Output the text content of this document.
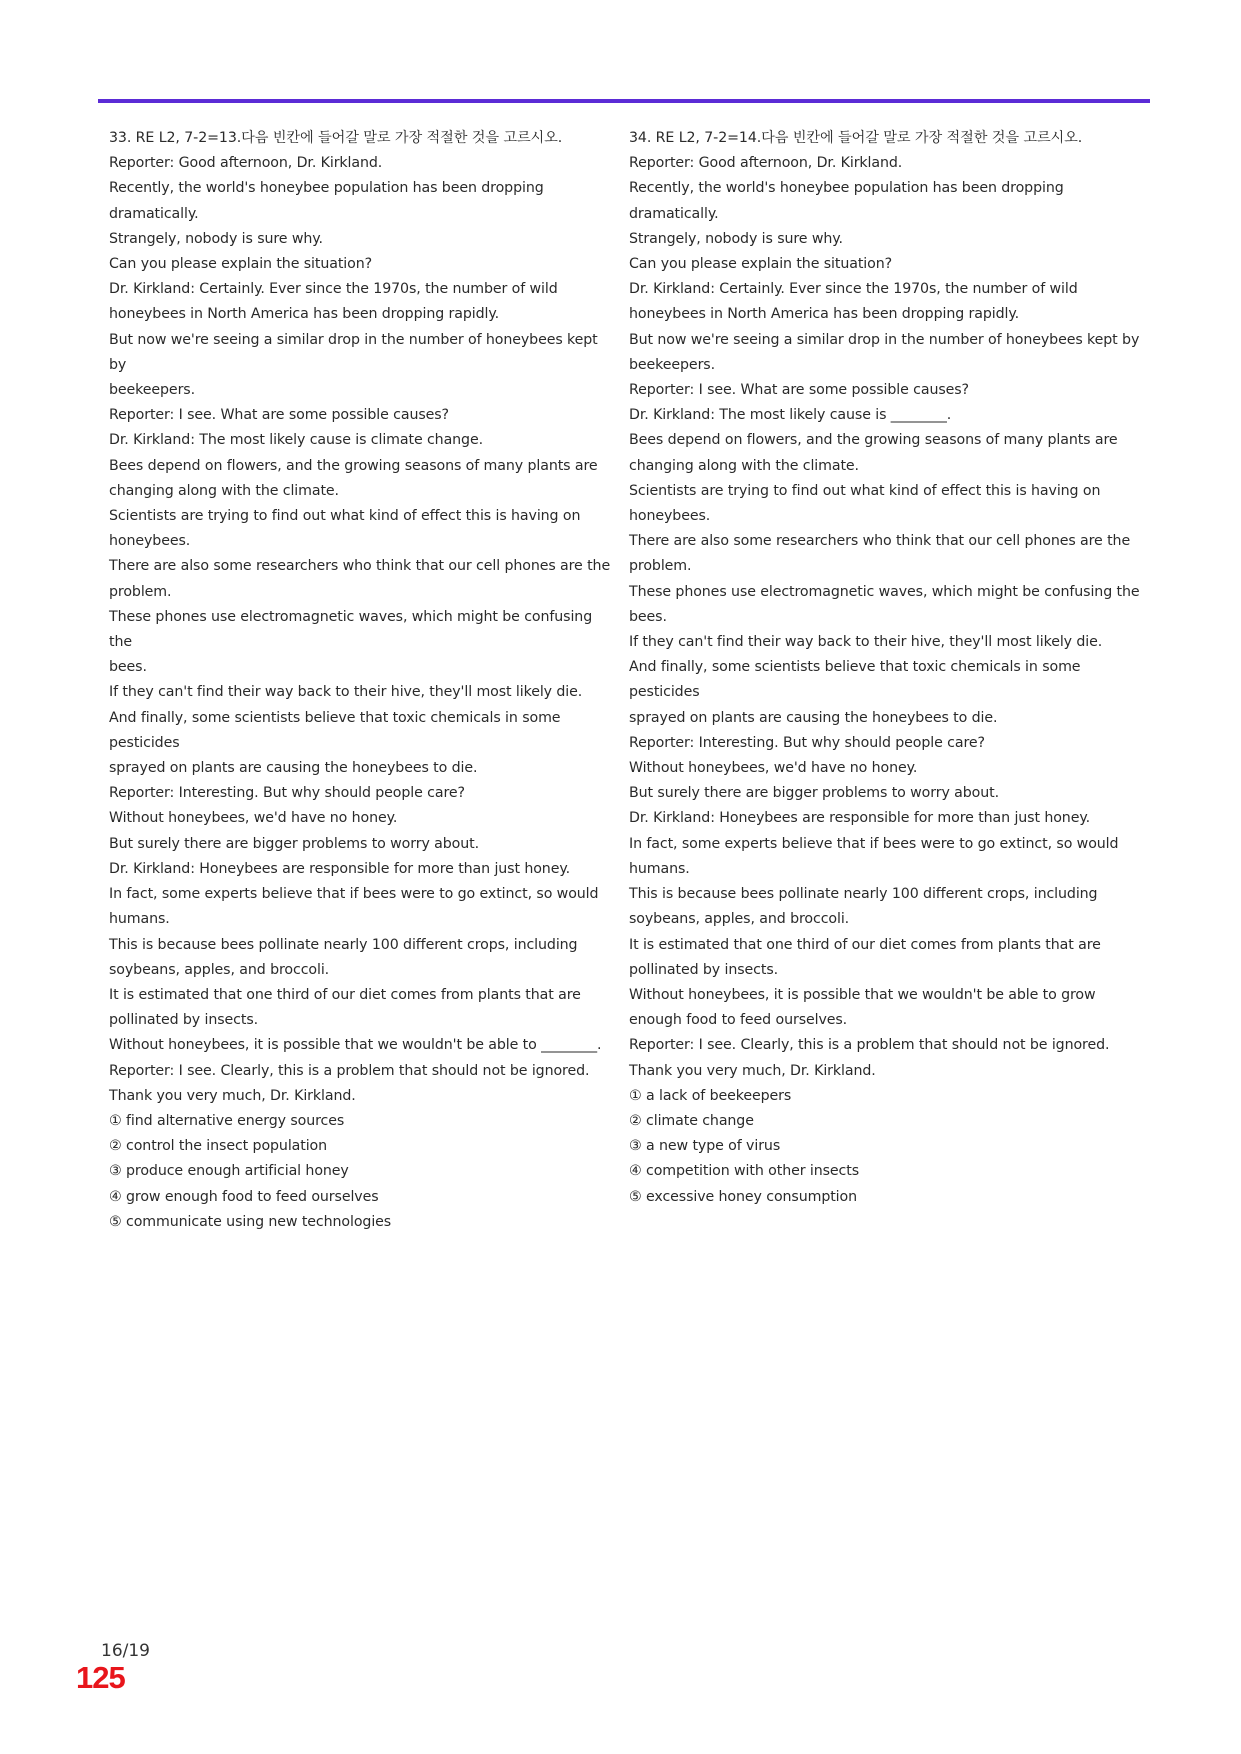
33. RE L2, 7-2=13.다음 빈칸에 들어갈 말로 가장 적절한 것을 고르시오.

Reporter: Good afternoon, Dr. Kirkland.

Recently, the world's honeybee population has been dropping

dramatically.

Strangely, nobody is sure why.

Can you please explain the situation?

Dr. Kirkland: Certainly. Ever since the 1970s, the number of wild

honeybees in North America has been dropping rapidly.

But now we're seeing a similar drop in the number of honeybees kept by

beekeepers.

Reporter: I see. What are some possible causes?

Dr. Kirkland: The most likely cause is climate change.

Bees depend on flowers, and the growing seasons of many plants are

changing along with the climate.

Scientists are trying to find out what kind of effect this is having on

honeybees.

There are also some researchers who think that our cell phones are the

problem.

These phones use electromagnetic waves, which might be confusing the

bees.

If they can't find their way back to their hive, they'll most likely die.

And finally, some scientists believe that toxic chemicals in some pesticides

sprayed on plants are causing the honeybees to die.

Reporter: Interesting. But why should people care?

Without honeybees, we'd have no honey.

But surely there are bigger problems to worry about.

Dr. Kirkland: Honeybees are responsible for more than just honey.

In fact, some experts believe that if bees were to go extinct, so would

humans.

This is because bees pollinate nearly 100 different crops, including

soybeans, apples, and broccoli.

It is estimated that one third of our diet comes from plants that are

pollinated by insects.

Without honeybees, it is possible that we wouldn't be able to ________.

Reporter: I see. Clearly, this is a problem that should not be ignored.

Thank you very much, Dr. Kirkland.

① find alternative energy sources

② control the insect population

③ produce enough artificial honey

④ grow enough food to feed ourselves

⑤ communicate using new technologies

34. RE L2, 7-2=14.다음 빈칸에 들어갈 말로 가장 적절한 것을 고르시오.

Reporter: Good afternoon, Dr. Kirkland.

Recently, the world's honeybee population has been dropping

dramatically.

Strangely, nobody is sure why.

Can you please explain the situation?

Dr. Kirkland: Certainly. Ever since the 1970s, the number of wild

honeybees in North America has been dropping rapidly.

But now we're seeing a similar drop in the number of honeybees kept by

beekeepers.

Reporter: I see. What are some possible causes?

Dr. Kirkland: The most likely cause is ________.

Bees depend on flowers, and the growing seasons of many plants are

changing along with the climate.

Scientists are trying to find out what kind of effect this is having on

honeybees.

There are also some researchers who think that our cell phones are the

problem.

These phones use electromagnetic waves, which might be confusing the

bees.

If they can't find their way back to their hive, they'll most likely die.

And finally, some scientists believe that toxic chemicals in some pesticides

sprayed on plants are causing the honeybees to die.

Reporter: Interesting. But why should people care?

Without honeybees, we'd have no honey.

But surely there are bigger problems to worry about.

Dr. Kirkland: Honeybees are responsible for more than just honey.

In fact, some experts believe that if bees were to go extinct, so would

humans.

This is because bees pollinate nearly 100 different crops, including

soybeans, apples, and broccoli.

It is estimated that one third of our diet comes from plants that are

pollinated by insects.

Without honeybees, it is possible that we wouldn't be able to grow

enough food to feed ourselves.

Reporter: I see. Clearly, this is a problem that should not be ignored.

Thank you very much, Dr. Kirkland.

① a lack of beekeepers

② climate change

③ a new type of virus

④ competition with other insects

⑤ excessive honey consumption

16/19
125
